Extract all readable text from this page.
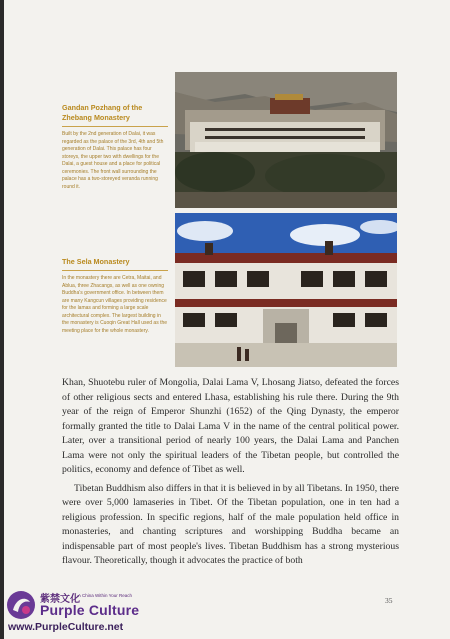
Gandan Pozhang of the Zhebang Monastery
Built by the 2nd generation of Dalai, it was regarded as the palace of the 3rd, 4th and 5th generation of Dalai. This palace has four storeys, the upper two with dwellings for the Dalai, a guest house and a place for political ceremonies. The front wall surrounding the palace has a two-storeyed veranda running round it.
The Sela Monastery
In the monastery there are Cetra, Maitai, and Ablua, three Zhacangs, as well as one owning Buddha's government office. In between them are many Kangcun villages providing residence for the lamas and forming a large scale architectural complex. The largest building in the monastery is Cuoqin Great Hall used as the meeting place for the whole monastery.

Khan, Shuotebu ruler of Mongolia, Dalai Lama V, Lhosang Jiatso, defeated the forces of other religious sects and entered Lhasa, establishing his rule there. During the 9th year of the reign of Emperor Shunzhi (1652) of the Qing Dynasty, the emperor formally granted the title to Dalai Lama V in the name of the central political power. Later, over a transitional period of nearly 100 years, the Dalai Lama and Panchen Lama were not only the spiritual leaders of the Tibetan people, but controlled the politics, economy and defence of Tibet as well.

Tibetan Buddhism also differs in that it is believed in by all Tibetans. In 1950, there were over 5,000 lamaseries in Tibet. Of the Tibetan population, one in ten had a religious profession. In specific regions, half of the male population held office in monasteries, and chanting scriptures and worshipping Buddha became an indispensable part of most people's lives. Tibetan Buddhism has a strong mysterious flavour. Theoretically, though it advocates the practice of both

35
紫禁文化
A China Within Your Reach
Purple Culture
www.PurpleCulture.net
